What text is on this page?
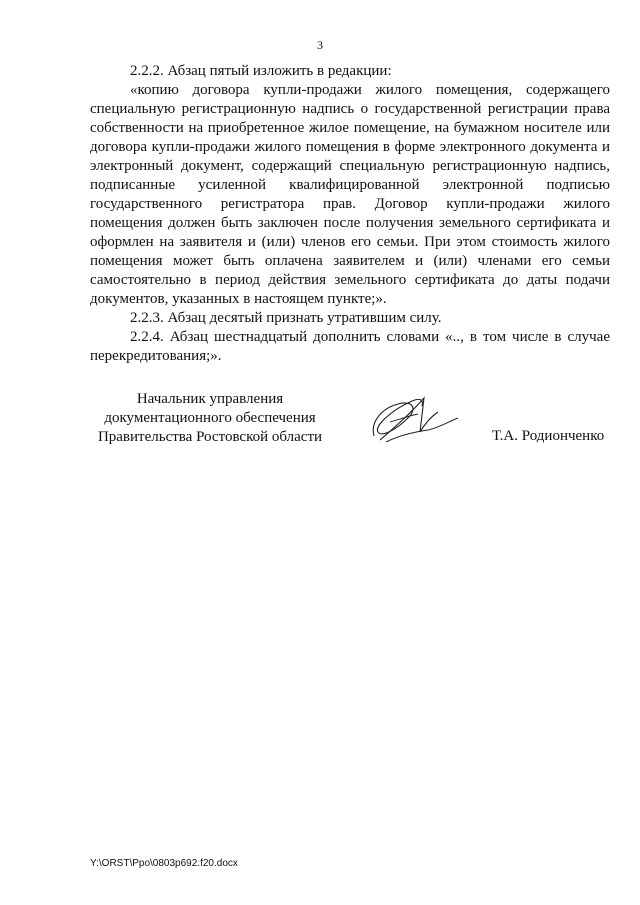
3

2.2.2. Абзац пятый изложить в редакции:

«копию договора купли-продажи жилого помещения, содержащего специальную регистрационную надпись о государственной регистрации права собственности на приобретенное жилое помещение, на бумажном носителе или договора купли-продажи жилого помещения в форме электронного документа и электронный документ, содержащий специальную регистрационную надпись, подписанные усиленной квалифицированной электронной подписью государственного регистратора прав. Договор купли-продажи жилого помещения должен быть заключен после получения земельного сертификата и оформлен на заявителя и (или) членов его семьи. При этом стоимость жилого помещения может быть оплачена заявителем и (или) членами его семьи самостоятельно в период действия земельного сертификата до даты подачи документов, указанных в настоящем пункте;».

2.2.3. Абзац десятый признать утратившим силу.

2.2.4. Абзац шестнадцатый дополнить словами «.., в том числе в случае перекредитования;».

Начальник управления
документационного обеспечения
Правительства Ростовской области	Т.А. Родионченко
Y:\ORST\Ppo\0803p692.f20.docx
